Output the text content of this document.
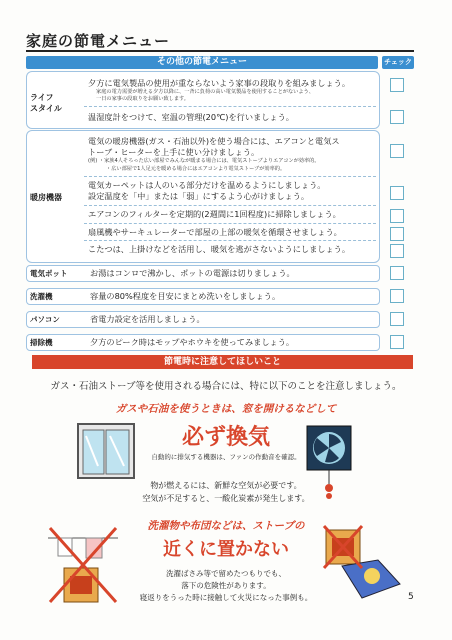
家庭の節電メニュー
その他の節電メニュー	チェック
ライフ
スタイル
夕方に電気製品の使用が重ならないよう家事の段取りを組みましょう。
家庭の電力需要が増える夕方以降に、一斉に負荷の高い電気製品を使用することがないよう、
一日の家事の段取りをお願い致します。
温湿度計をつけて、室温の管理(20℃)を行いましょう。
暖房機器
電気の暖房機器(ガス・石油以外)を使う場合には、エアコンと電気ス
トーブ・ヒーターを上手に使い分けましょう。
(例) ・家族4人そろった広い部屋でみんなが暖まる場合には、電気ストーブよりエアコンが効率的。
・広い部屋で1人足元を暖める場合にはエアコンより電気ストーブが効率的。
電気カーペットは人のいる部分だけを温めるようにしましょう。
設定温度を「中」または「弱」にするよう心がけましょう。
エアコンのフィルターを定期的(2週間に1回程度)に掃除しましょう。
扇風機やサーキュレーターで部屋の上部の暖気を循環させましょう。
こたつは、上掛けなどを活用し、暖気を逃がさないようにしましょう。
電気ポット	お湯はコンロで沸かし、ポットの電源は切りましょう。
洗濯機	容量の80%程度を目安にまとめ洗いをしましょう。
パソコン	省電力設定を活用しましょう。
掃除機	夕方のピーク時はモップやホウキを使ってみましょう。
節電時に注意してほしいこと
ガス・石油ストーブ等を使用される場合には、特に以下のことを注意しましょう。
ガスや石油を使うときは、窓を開けるなどして
必ず換気
自動的に排気する機器は、ファンの作動音を確認。
物が燃えるには、新鮮な空気が必要です。
空気が不足すると、一酸化炭素が発生します。
洗濯物や布団などは、ストーブの
近くに置かない
洗濯ばさみ等で留めたつもりでも、
落下の危険性があります。
寝返りをうった時に接触して火災になった事例も。	5
